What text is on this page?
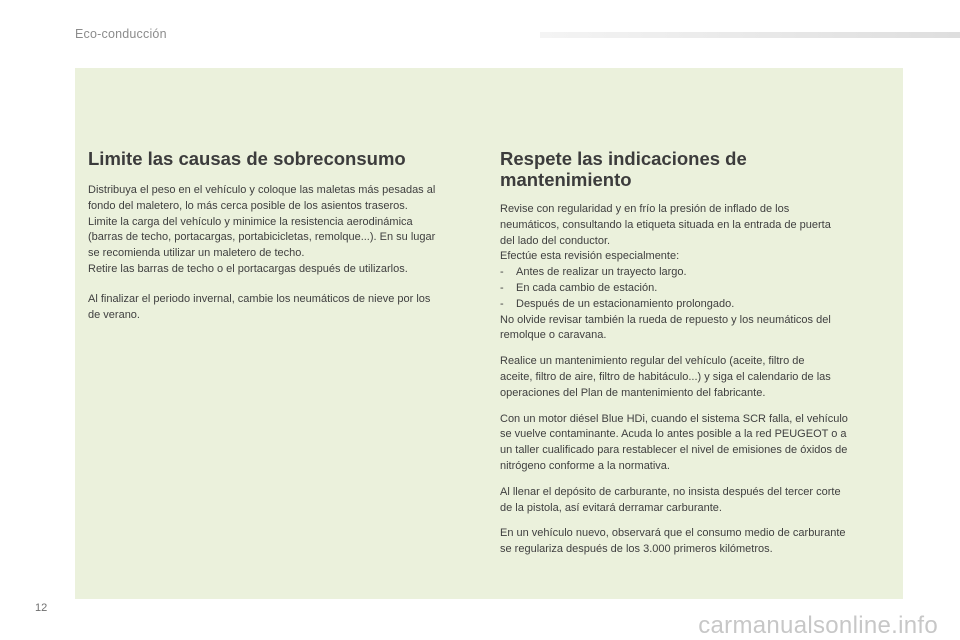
Eco-conducción
Limite las causas de sobreconsumo

Distribuya el peso en el vehículo y coloque las maletas más pesadas al
fondo del maletero, lo más cerca posible de los asientos traseros.
Limite la carga del vehículo y minimice la resistencia aerodinámica
(barras de techo, portacargas, portabicicletas, remolque...). En su lugar
se recomienda utilizar un maletero de techo.
Retire las barras de techo o el portacargas después de utilizarlos.

Al finalizar el periodo invernal, cambie los neumáticos de nieve por los
de verano.

Respete las indicaciones de
mantenimiento

Revise con regularidad y en frío la presión de inflado de los
neumáticos, consultando la etiqueta situada en la entrada de puerta
del lado del conductor.
Efectúe esta revisión especialmente:
- Antes de realizar un trayecto largo.
- En cada cambio de estación.
- Después de un estacionamiento prolongado.
No olvide revisar también la rueda de repuesto y los neumáticos del
remolque o caravana.

Realice un mantenimiento regular del vehículo (aceite, filtro de
aceite, filtro de aire, filtro de habitáculo...) y siga el calendario de las
operaciones del Plan de mantenimiento del fabricante.

Con un motor diésel Blue HDi, cuando el sistema SCR falla, el vehículo
se vuelve contaminante. Acuda lo antes posible a la red PEUGEOT o a
un taller cualificado para restablecer el nivel de emisiones de óxidos de
nitrógeno conforme a la normativa.

Al llenar el depósito de carburante, no insista después del tercer corte
de la pistola, así evitará derramar carburante.

En un vehículo nuevo, observará que el consumo medio de carburante
se regulariza después de los 3.000 primeros kilómetros.

12
carmanualsonline.info
